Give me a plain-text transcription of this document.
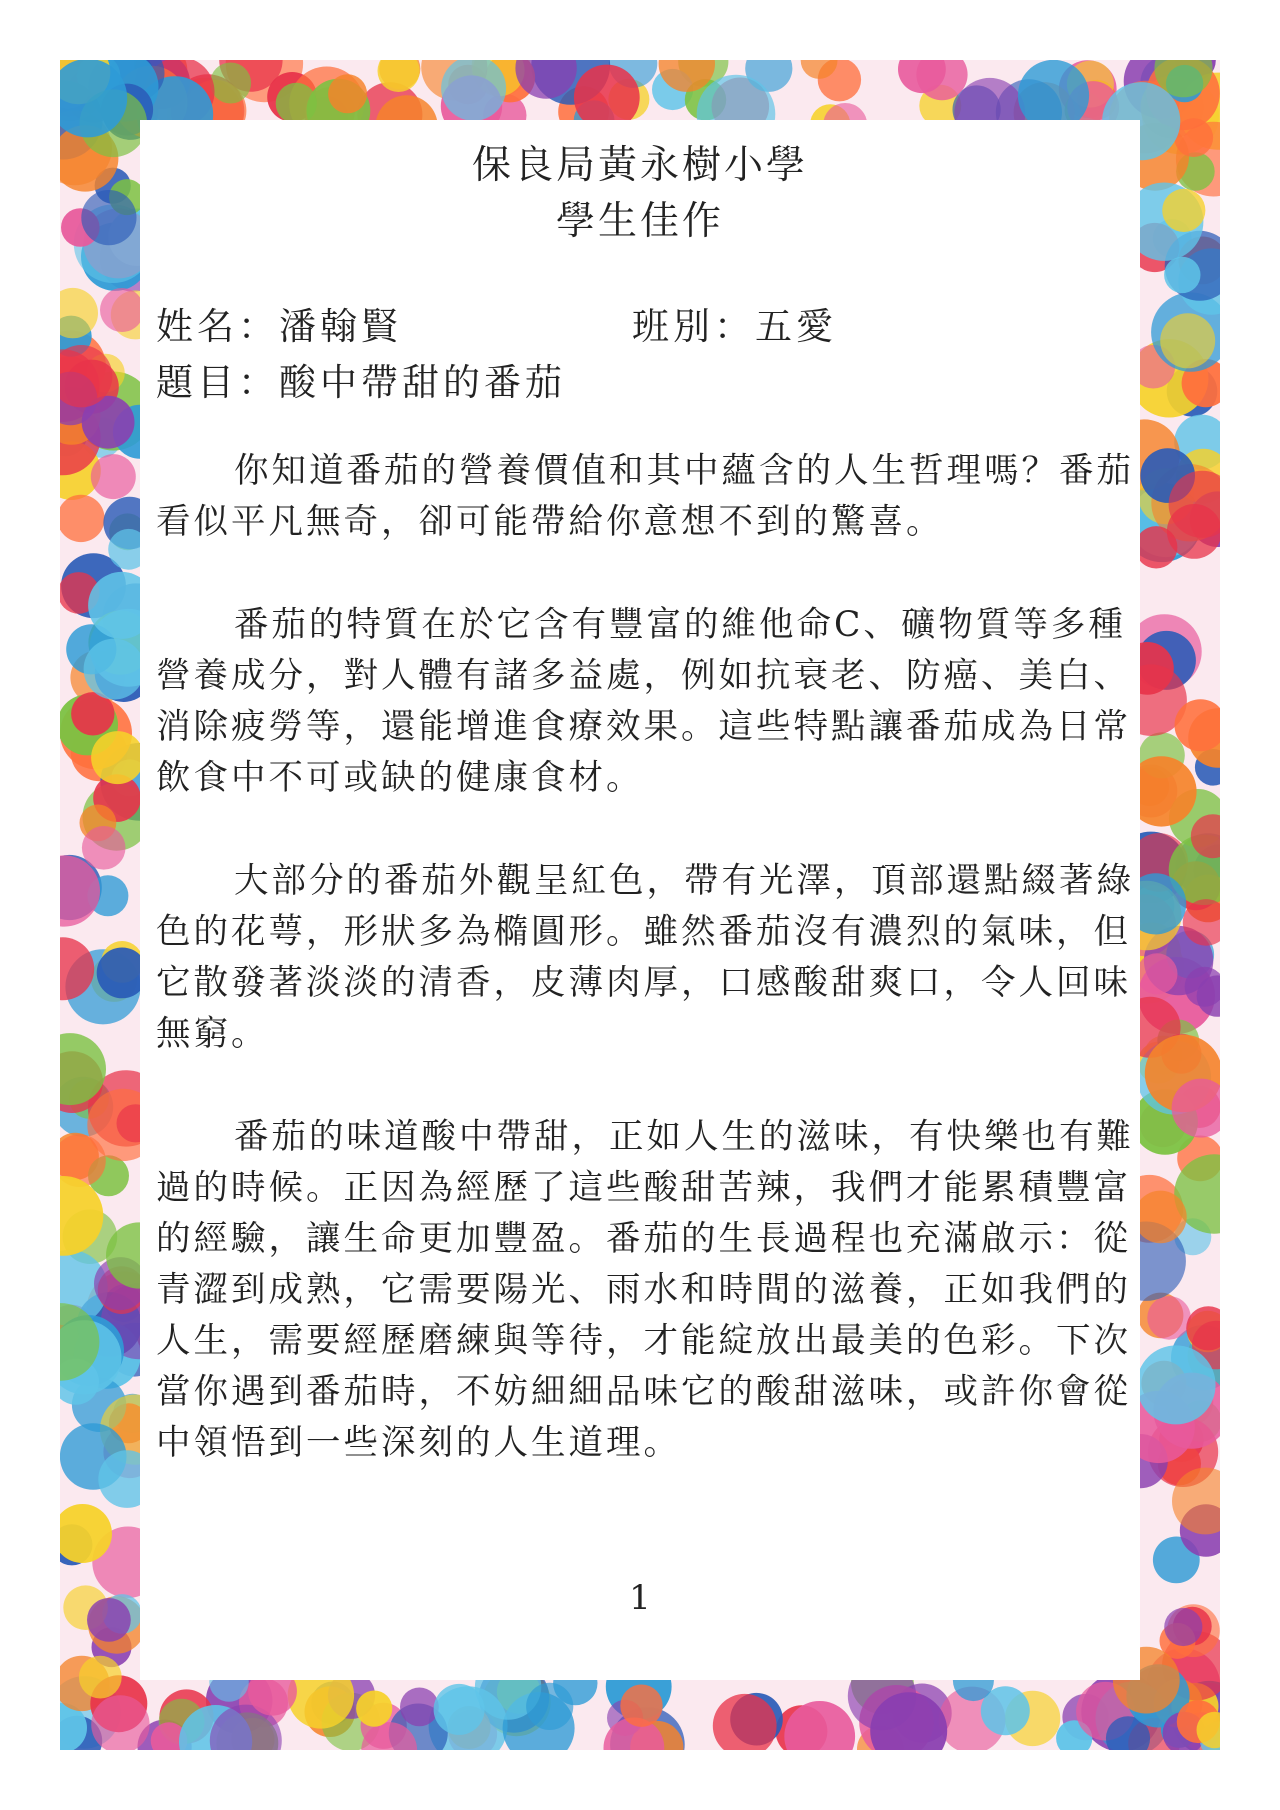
保良局黃永樹小學
學生佳作
姓名：潘翰賢	班別：五愛
題目：酸中帶甜的番茄

你知道番茄的營養價值和其中蘊含的人生哲理嗎？番茄看似平凡無奇，卻可能帶給你意想不到的驚喜。

番茄的特質在於它含有豐富的維他命C、礦物質等多種營養成分，對人體有諸多益處，例如抗衰老、防癌、美白、消除疲勞等，還能增進食療效果。這些特點讓番茄成為日常飲食中不可或缺的健康食材。

大部分的番茄外觀呈紅色，帶有光澤，頂部還點綴著綠色的花萼，形狀多為橢圓形。雖然番茄沒有濃烈的氣味，但它散發著淡淡的清香，皮薄肉厚，口感酸甜爽口，令人回味無窮。

番茄的味道酸中帶甜，正如人生的滋味，有快樂也有難過的時候。正因為經歷了這些酸甜苦辣，我們才能累積豐富的經驗，讓生命更加豐盈。番茄的生長過程也充滿啟示：從青澀到成熟，它需要陽光、雨水和時間的滋養，正如我們的人生，需要經歷磨練與等待，才能綻放出最美的色彩。下次當你遇到番茄時，不妨細細品味它的酸甜滋味，或許你會從中領悟到一些深刻的人生道理。

1
